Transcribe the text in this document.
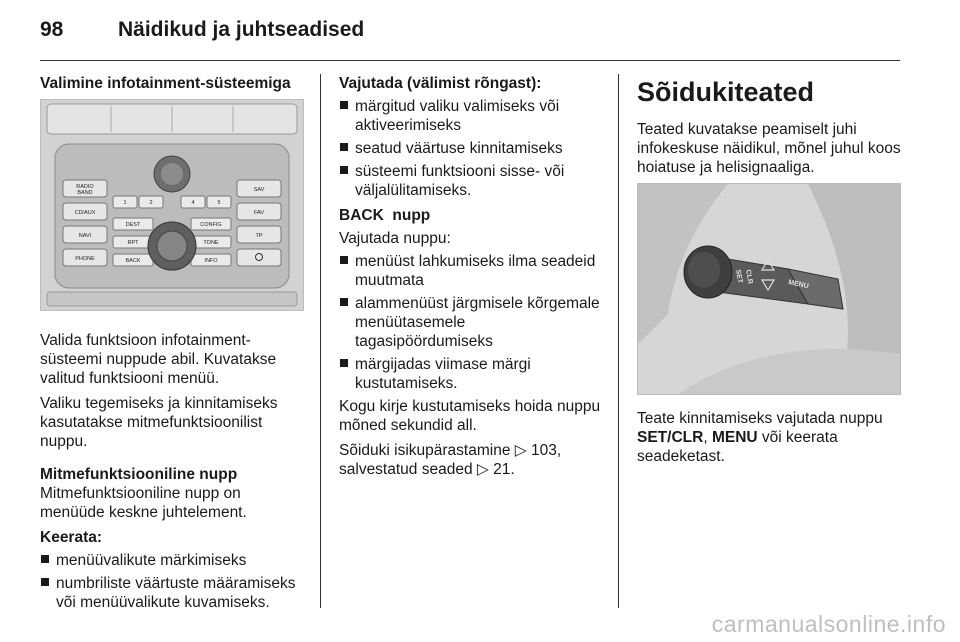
98	Näidikud ja juhtseadised
Valimine infotainment-süsteemiga
RADIO
BAND
CD/AUX
NAVI
PHONE
SAV
FAV
TP
1	2	4	5
DEST
RPT
BACK
CONFIG
TONE
INFO

Valida funktsioon infotainment-süsteemi nuppude abil. Kuvatakse valitud funktsiooni menüü.

Valiku tegemiseks ja kinnitamiseks kasutatakse mitmefunktsioonilist nuppu.

Mitmefunktsiooniline nupp

Mitmefunktsiooniline nupp on menüüde keskne juhtelement.

Keerata:
menüüvalikute märkimiseks
numbriliste väärtuste määramiseks või menüüvalikute kuvamiseks.
Vajutada (välimist rõngast):
märgitud valiku valimiseks või aktiveerimiseks
seatud väärtuse kinnitamiseks
süsteemi funktsiooni sisse- või väljalülitamiseks.
BACK  nupp
Vajutada nuppu:
menüüst lahkumiseks ilma seadeid muutmata
alammenüüst järgmisele kõrgemale menüütasemele tagasipöördumiseks
märgijadas viimase märgi kustutamiseks.

Kogu kirje kustutamiseks hoida nuppu mõned sekundid all.

Sõiduki isikupärastamine ▷ 103,
salvestatud seaded ▷ 21.

Sõidukiteated

Teated kuvatakse peamiselt juhi infokeskuse näidikul, mõnel juhul koos hoiatuse ja helisignaaliga.

SET CLR
MENU

Teate kinnitamiseks vajutada nuppu
SET/CLR, MENU või keerata seadeketast.

carmanualsonline.info
